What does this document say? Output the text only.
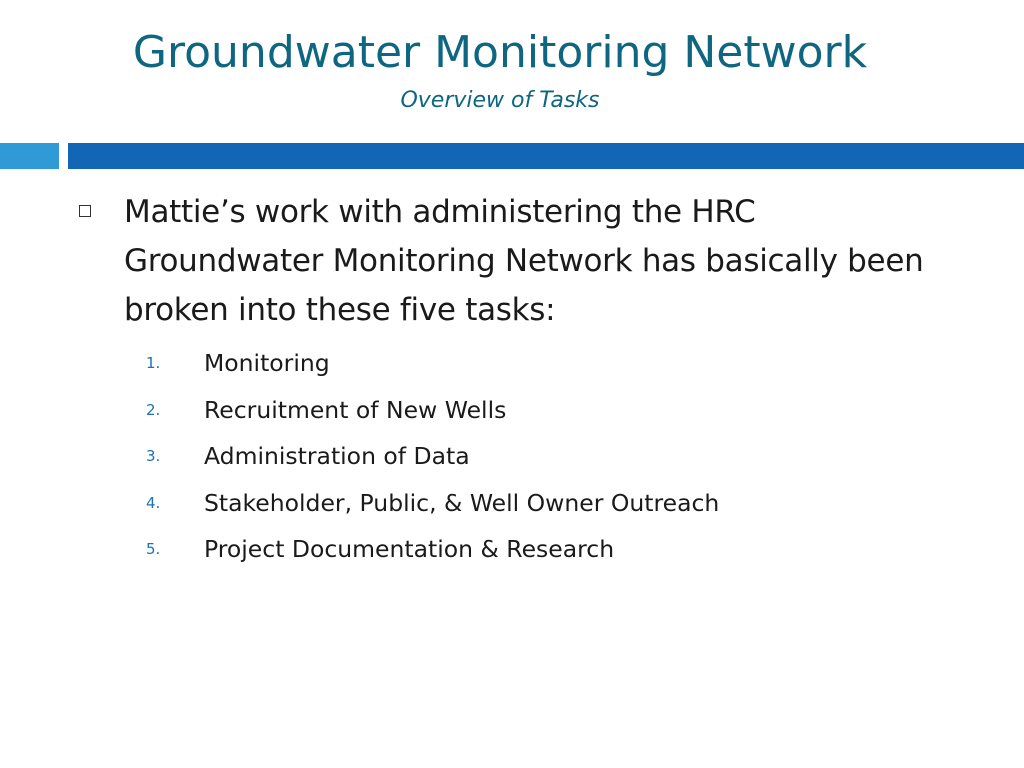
Groundwater Monitoring Network
Overview of Tasks
Mattie’s work with administering the HRC Groundwater Monitoring Network has basically been broken into these five tasks:
1.	Monitoring
2.	Recruitment of New Wells
3.	Administration of Data
4.	Stakeholder, Public, & Well Owner Outreach
5.	Project Documentation & Research
